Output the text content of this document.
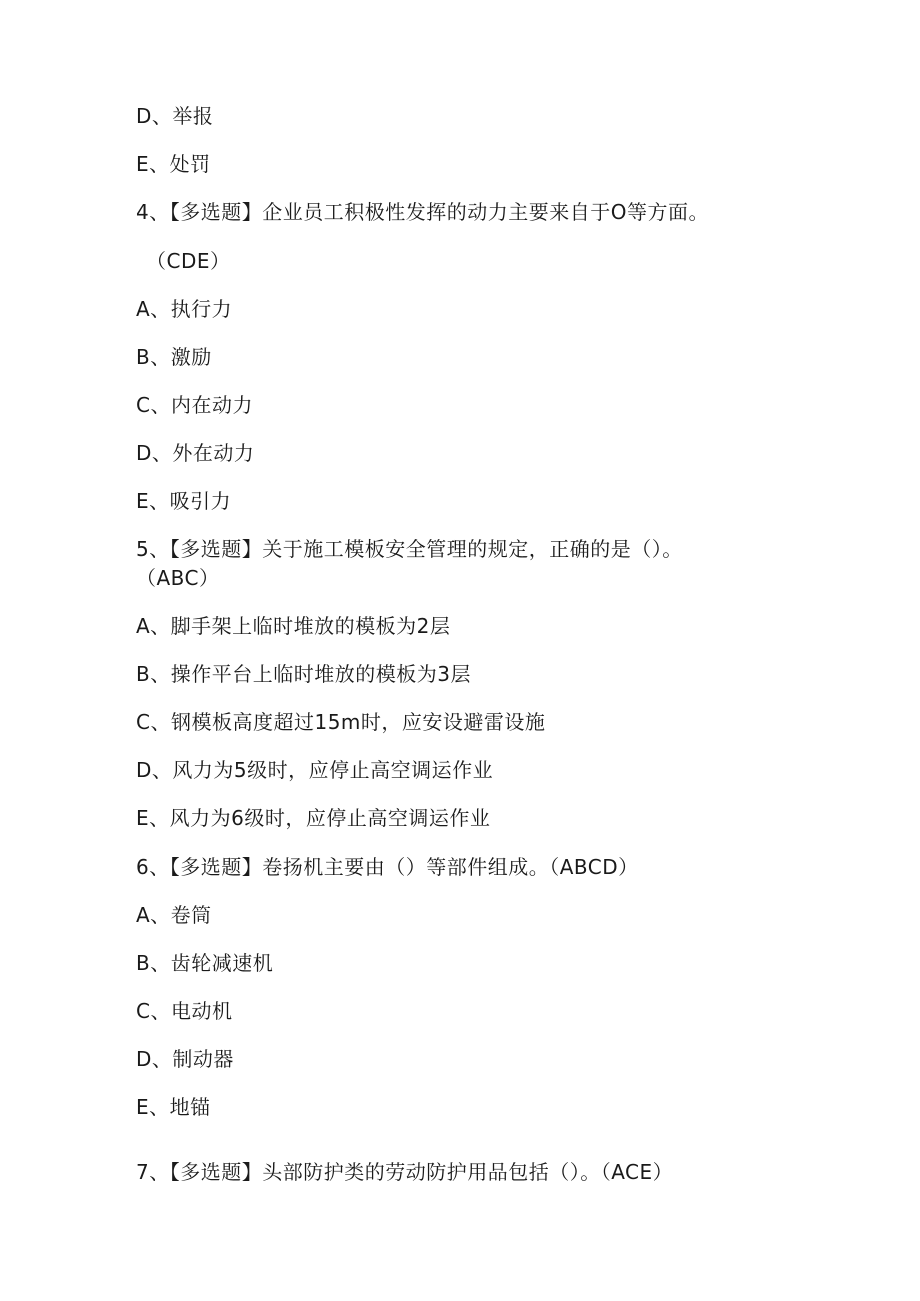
D、举报
E、处罚
4、【多选题】企业员工积极性发挥的动力主要来自于O等方面。
（CDE）
A、执行力
B、激励
C、内在动力
D、外在动力
E、吸引力
5、【多选题】关于施工模板安全管理的规定，正确的是（）。
（ABC）
A、脚手架上临时堆放的模板为2层
B、操作平台上临时堆放的模板为3层
C、钢模板高度超过15m时，应安设避雷设施
D、风力为5级时，应停止高空调运作业
E、风力为6级时，应停止高空调运作业
6、【多选题】卷扬机主要由（）等部件组成。（ABCD）
A、卷筒
B、齿轮减速机
C、电动机
D、制动器
E、地锚
7、【多选题】头部防护类的劳动防护用品包括（）。（ACE）
